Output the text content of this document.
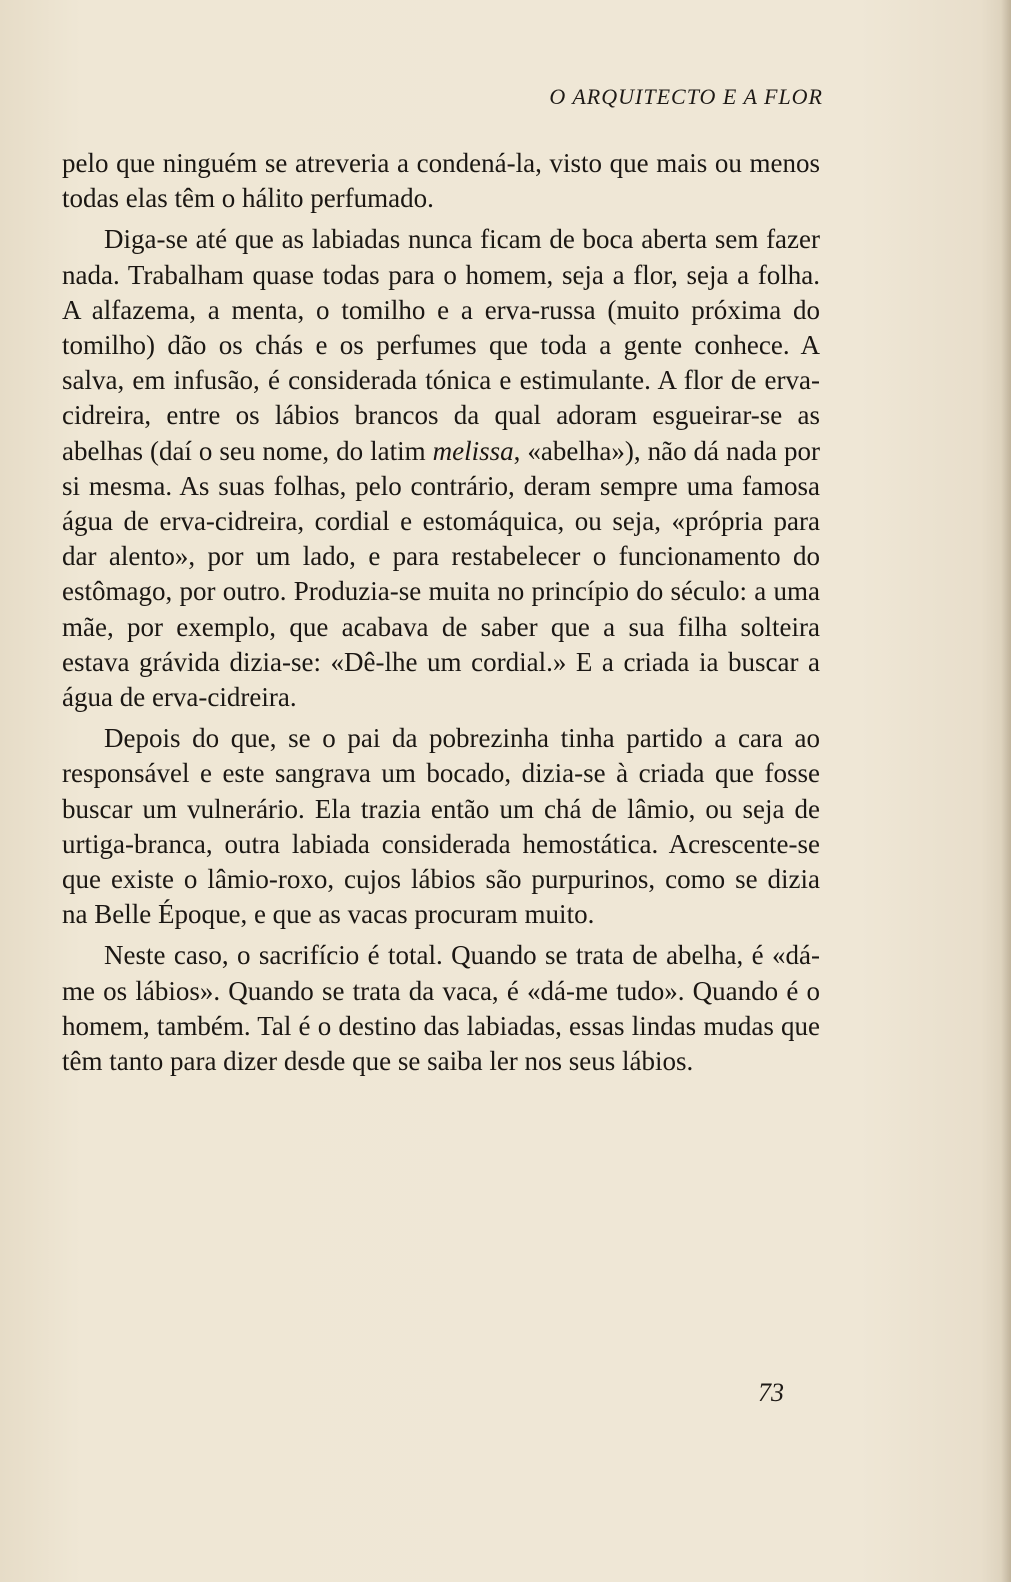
O ARQUITECTO E A FLOR

pelo que ninguém se atreveria a condená-la, visto que mais ou menos todas elas têm o hálito perfumado.

Diga-se até que as labiadas nunca ficam de boca aberta sem fazer nada. Trabalham quase todas para o homem, seja a flor, seja a folha. A alfazema, a menta, o tomilho e a erva-russa (muito próxima do tomilho) dão os chás e os perfumes que toda a gente conhece. A salva, em infusão, é considerada tónica e estimulante. A flor de erva-cidreira, entre os lábios brancos da qual adoram esgueirar-se as abelhas (daí o seu nome, do latim melissa, «abelha»), não dá nada por si mesma. As suas folhas, pelo contrário, deram sempre uma famosa água de erva-cidreira, cordial e estomáquica, ou seja, «própria para dar alento», por um lado, e para restabelecer o funcionamento do estômago, por outro. Produzia-se muita no princípio do século: a uma mãe, por exemplo, que acabava de saber que a sua filha solteira estava grávida dizia-se: «Dê-lhe um cordial.» E a criada ia buscar a água de erva-cidreira.

Depois do que, se o pai da pobrezinha tinha partido a cara ao responsável e este sangrava um bocado, dizia-se à criada que fosse buscar um vulnerário. Ela trazia então um chá de lâmio, ou seja de urtiga-branca, outra labiada considerada hemostática. Acrescente-se que existe o lâmio-roxo, cujos lábios são purpurinos, como se dizia na Belle Époque, e que as vacas procuram muito.

Neste caso, o sacrifício é total. Quando se trata de abelha, é «dá-me os lábios». Quando se trata da vaca, é «dá-me tudo». Quando é o homem, também. Tal é o destino das labiadas, essas lindas mudas que têm tanto para dizer desde que se saiba ler nos seus lábios.

73
